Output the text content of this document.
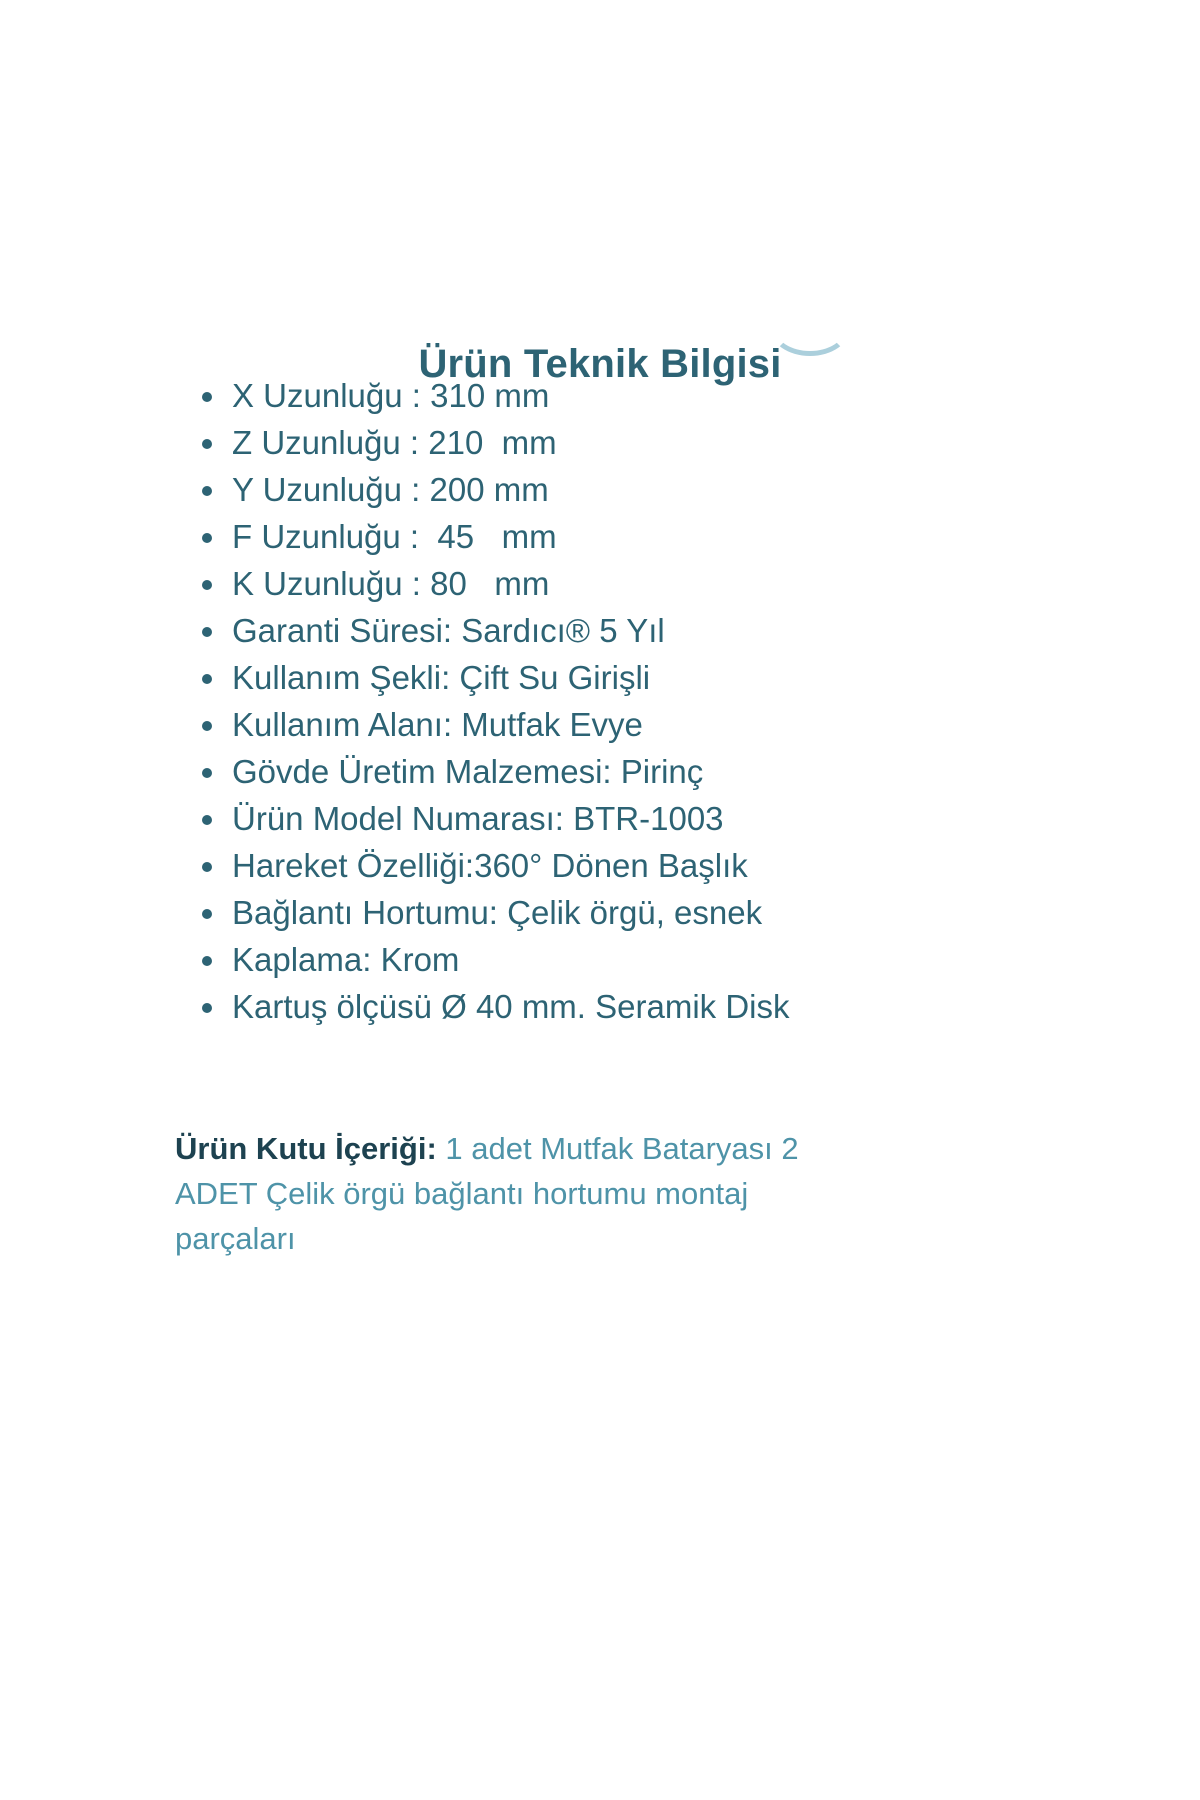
Ürün Teknik Bilgisi
X Uzunluğu : 310 mm
Z Uzunluğu : 210  mm
Y Uzunluğu : 200 mm
F Uzunluğu :  45   mm
K Uzunluğu : 80   mm
Garanti Süresi: Sardıcı® 5 Yıl
Kullanım Şekli: Çift Su Girişli
Kullanım Alanı: Mutfak Evye
Gövde Üretim Malzemesi: Pirinç
Ürün Model Numarası: BTR-1003
Hareket Özelliği:360° Dönen Başlık
Bağlantı Hortumu: Çelik örgü, esnek
Kaplama: Krom
Kartuş ölçüsü Ø 40 mm. Seramik Disk

Ürün Kutu İçeriği: 1 adet Mutfak Bataryası 2 ADET Çelik örgü bağlantı hortumu montaj parçaları
